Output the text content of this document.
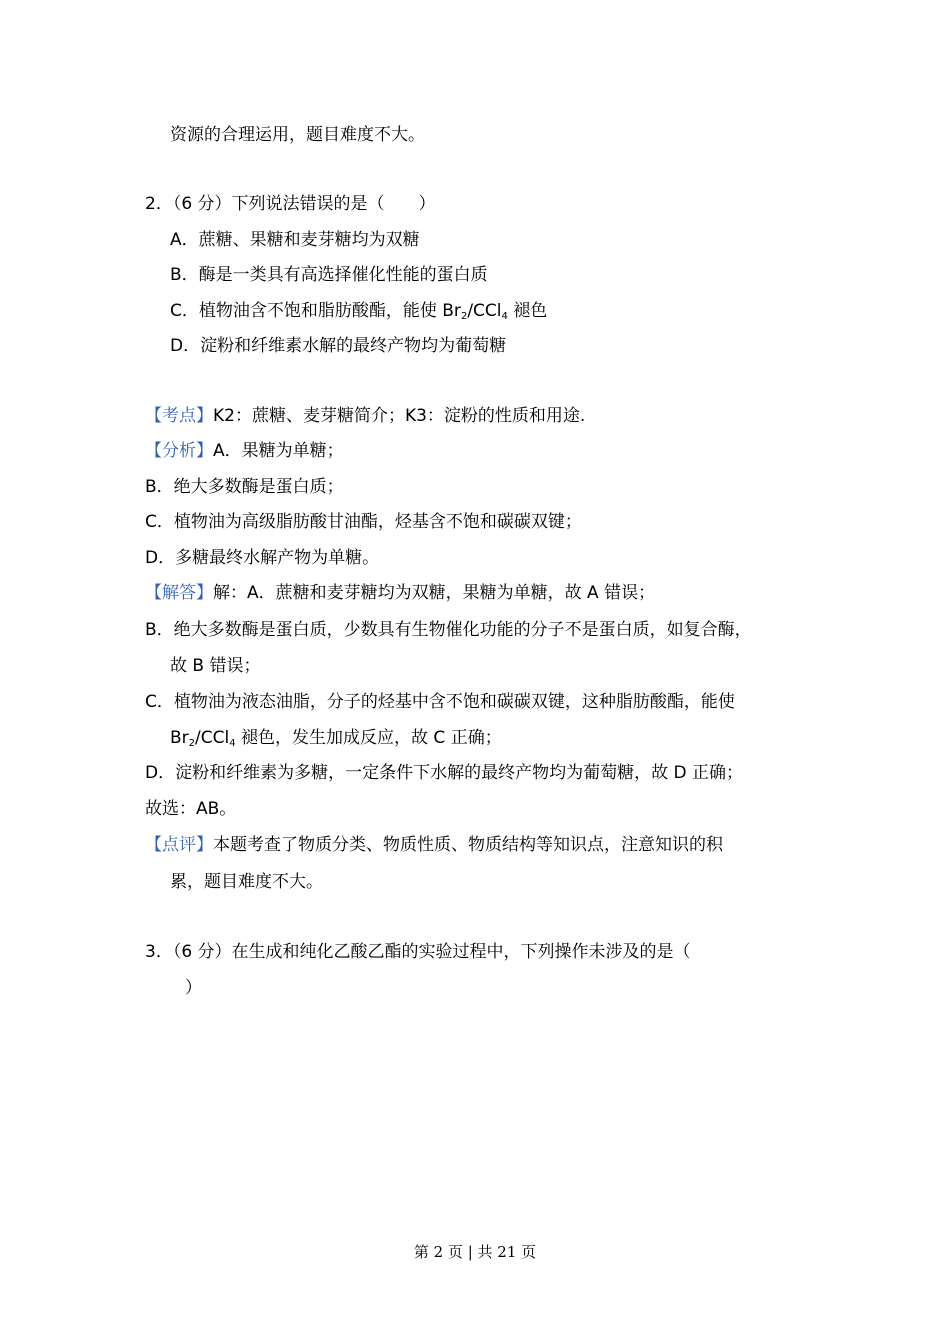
资源的合理运用，题目难度不大。
2．（6 分）下列说法错误的是（　　）
A．蔗糖、果糖和麦芽糖均为双糖
B．酶是一类具有高选择催化性能的蛋白质
C．植物油含不饱和脂肪酸酯，能使 $Br_2/CCl_4$ 褪色
D．淀粉和纤维素水解的最终产物均为葡萄糖
【考点】K2：蔗糖、麦芽糖简介；K3：淀粉的性质和用途.
【分析】A．果糖为单糖；
B．绝大多数酶是蛋白质；
C．植物油为高级脂肪酸甘油酯，烃基含不饱和碳碳双键；
D．多糖最终水解产物为单糖。
【解答】解：A．蔗糖和麦芽糖均为双糖，果糖为单糖，故 A 错误；
B．绝大多数酶是蛋白质，少数具有生物催化功能的分子不是蛋白质，如复合酶，
故 B 错误；
C．植物油为液态油脂，分子的烃基中含不饱和碳碳双键，这种脂肪酸酯，能使
$Br_2/CCl_4$ 褪色，发生加成反应，故 C 正确；
D．淀粉和纤维素为多糖，一定条件下水解的最终产物均为葡萄糖，故 D 正确；
故选：AB。
【点评】本题考查了物质分类、物质性质、物质结构等知识点，注意知识的积
累，题目难度不大。
3．（6 分）在生成和纯化乙酸乙酯的实验过程中，下列操作未涉及的是（
）
第 2 页 | 共 21 页
